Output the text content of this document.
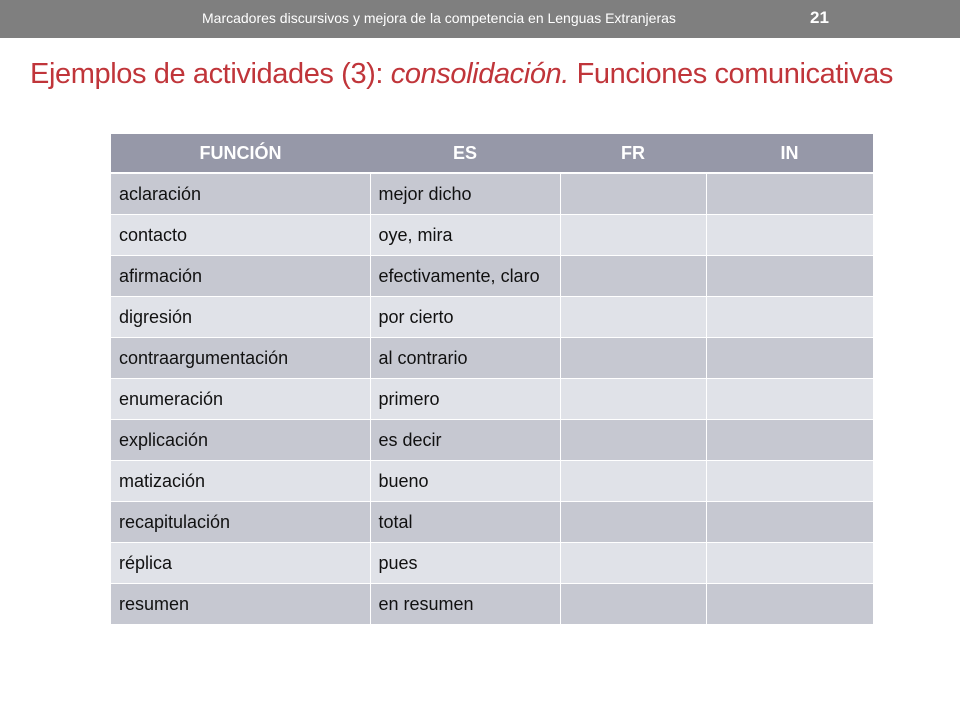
Marcadores discursivos y mejora de la competencia en Lenguas Extranjeras	21
Ejemplos de actividades (3): consolidación. Funciones comunicativas
FUNCIÓN	ES	FR	IN
aclaración	mejor dicho		
contacto	oye, mira		
afirmación	efectivamente, claro		
digresión	por cierto		
contraargumentación	al contrario		
enumeración	primero		
explicación	es decir		
matización	bueno		
recapitulación	total		
réplica	pues		
resumen	en resumen		
